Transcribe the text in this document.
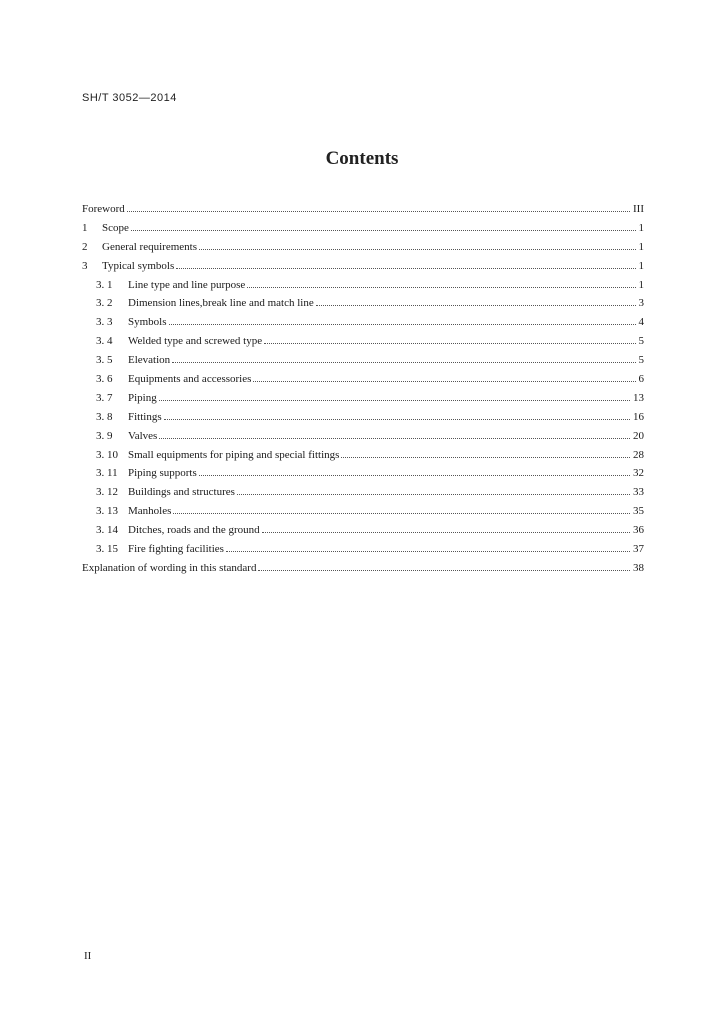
SH/T 3052—2014
Contents
Foreword	III
1	Scope	1
2	General requirements	1
3	Typical symbols	1
3. 1	Line type and line purpose	1
3. 2	Dimension lines,break line and match line	3
3. 3	Symbols	4
3. 4	Welded type and screwed type	5
3. 5	Elevation	5
3. 6	Equipments and accessories	6
3. 7	Piping	13
3. 8	Fittings	16
3. 9	Valves	20
3. 10 Small equipments for piping and special fittings	28
3. 11 Piping supports	32
3. 12 Buildings and structures	33
3. 13 Manholes	35
3. 14 Ditches, roads and the ground	36
3. 15 Fire fighting facilities	37
Explanation of wording in this standard	38
II
